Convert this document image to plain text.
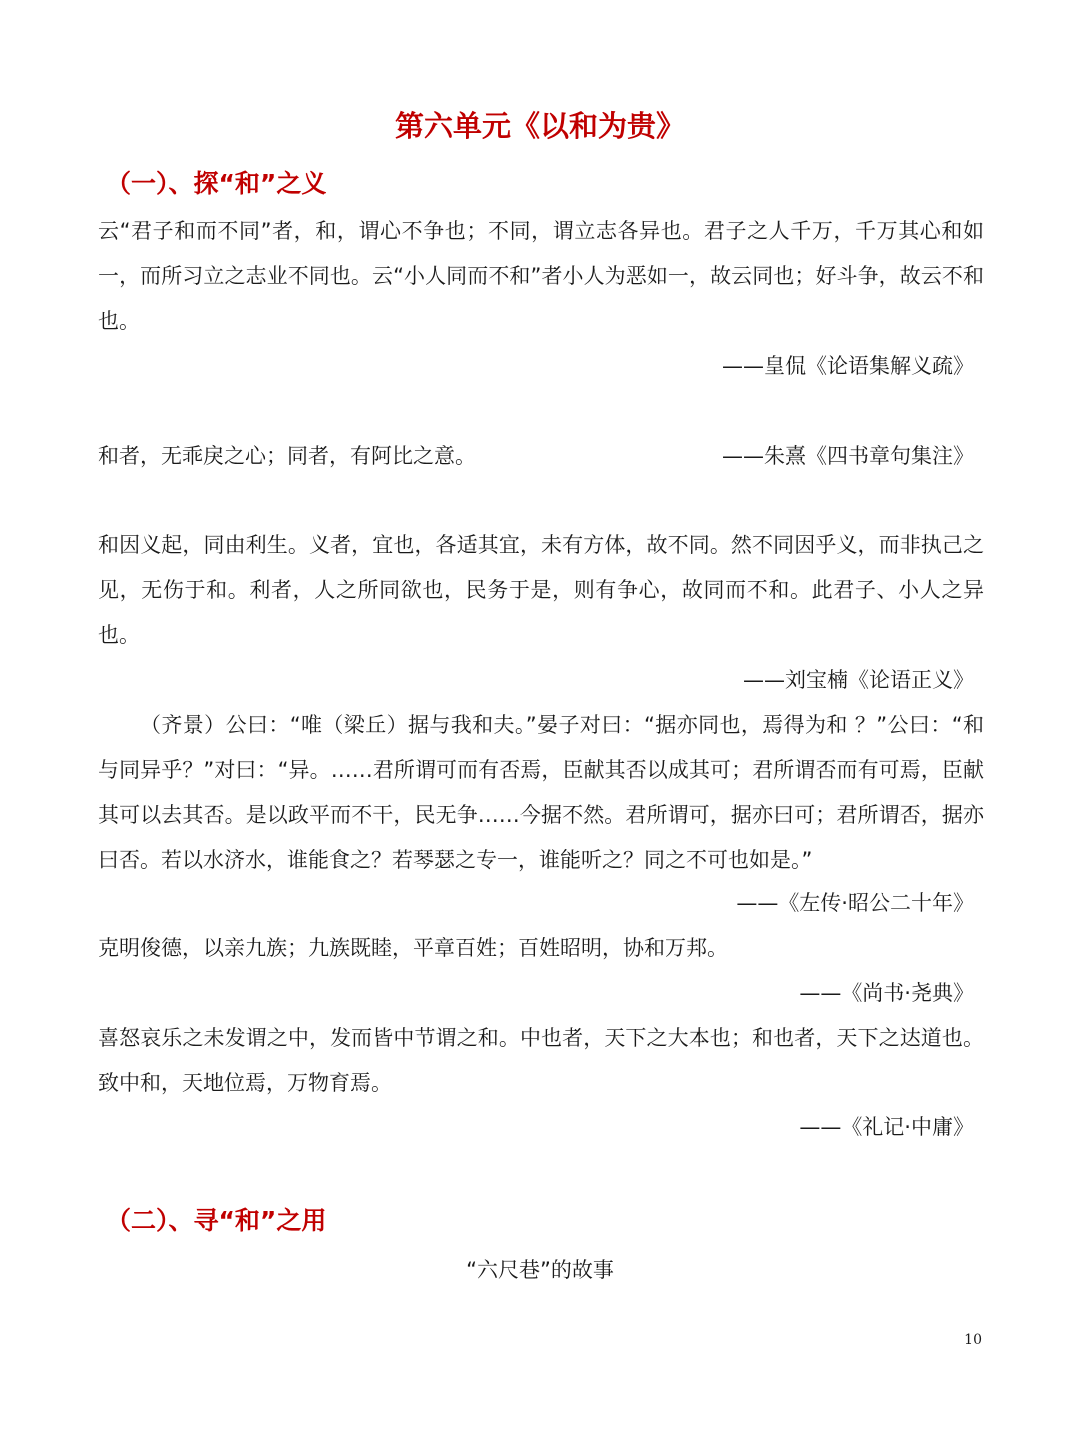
第六单元《以和为贵》
（一）、探“和”之义

云“君子和而不同”者，和，谓心不争也；不同，谓立志各异也。君子之人千万，千万其心和如一，而所习立之志业不同也。云“小人同而不和”者小人为恶如一，故云同也；好斗争，故云不和也。

——皇侃《论语集解义疏》
和者，无乖戾之心；同者，有阿比之意。	——朱熹《四书章句集注》

和因义起，同由利生。义者，宜也，各适其宜，未有方体，故不同。然不同因乎义，而非执己之见，无伤于和。利者，人之所同欲也，民务于是，则有争心，故同而不和。此君子、小人之异也。

——刘宝楠《论语正义》

（齐景）公曰：“唯（梁丘）据与我和夫。”晏子对曰：“据亦同也，焉得为和 ？”公曰：“和与同异乎？”对曰：“异。……君所谓可而有否焉，臣献其否以成其可；君所谓否而有可焉，臣献其可以去其否。是以政平而不干，民无争……今据不然。君所谓可，据亦曰可；君所谓否，据亦曰否。若以水济水，谁能食之？若琴瑟之专一，谁能听之？同之不可也如是。”

——《左传·昭公二十年》

克明俊德，以亲九族；九族既睦，平章百姓；百姓昭明，协和万邦。

——《尚书·尧典》

喜怒哀乐之未发谓之中，发而皆中节谓之和。中也者，天下之大本也；和也者，天下之达道也。致中和，天地位焉，万物育焉。

——《礼记·中庸》
（二）、寻“和”之用

“六尺巷”的故事

10
